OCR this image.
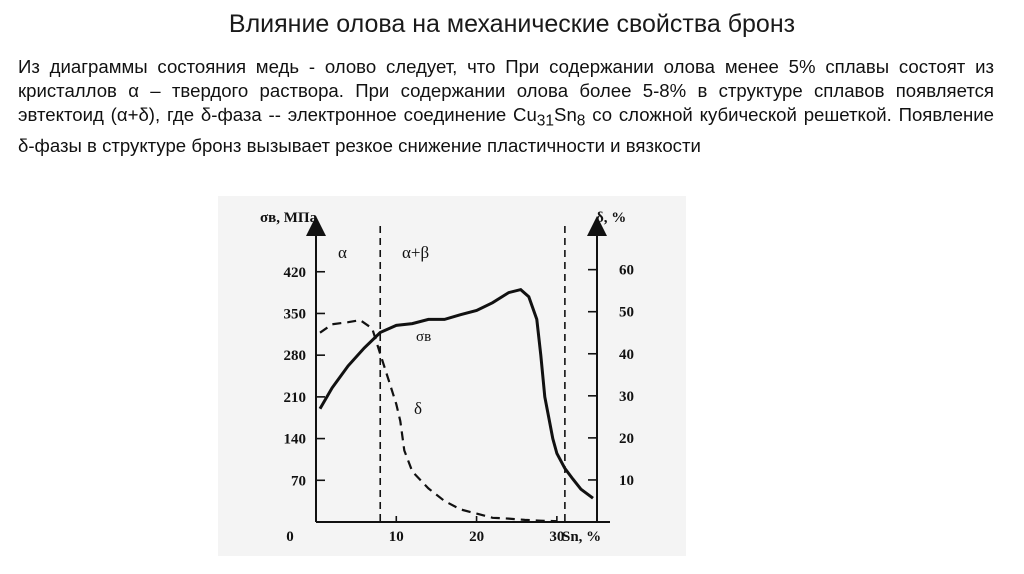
Влияние олова на механические свойства бронз

Из диаграммы состояния медь - олово следует, что При содержании олова менее 5% сплавы состоят из кристаллов α – твердого раствора. При содержании олова более 5-8% в структуре сплавов появляется эвтектоид (α+δ), где δ-фаза -- электронное соединение $Cu_{31}Sn_8$ со сложной кубической решеткой. Появление δ-фазы в структуре бронз вызывает резкое снижение пластичности и вязкости

70
140
210
280
350
420
10
20
30
40
50
60
0	10	20	30
σв, МПа	δ, %
Sn, %
α	α+β
σв
δ
